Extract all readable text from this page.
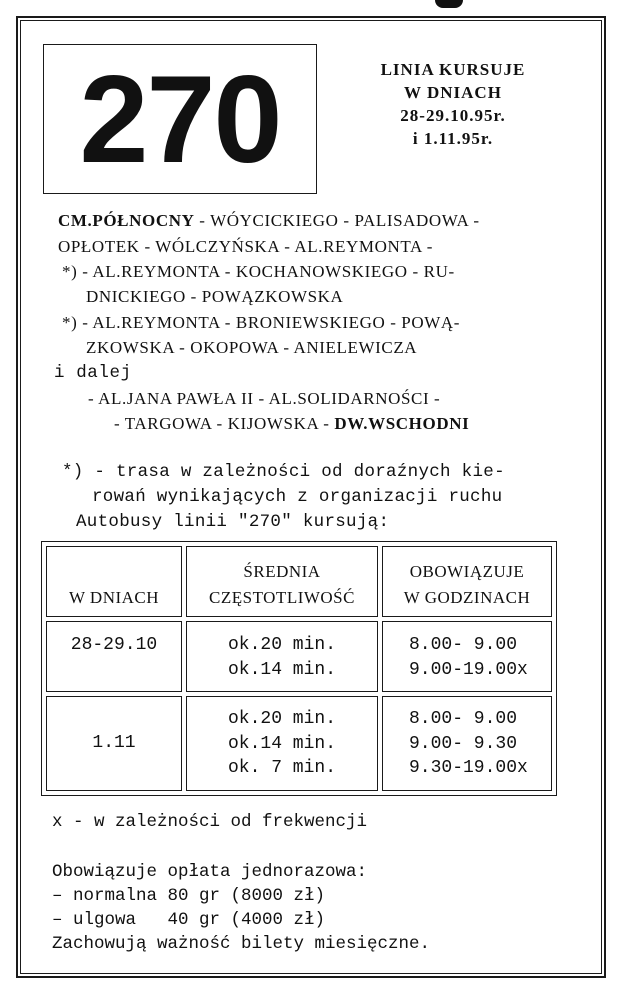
270	LINIA KURSUJE
W DNIACH
28-29.10.95r.
i 1.11.95r.
CM.PÓŁNOCNY - WÓYCICKIEGO - PALISADOWA -
OPŁOTEK - WÓLCZYŃSKA - AL.REYMONTA -
*) - AL.REYMONTA - KOCHANOWSKIEGO - RU-
DNICKIEGO - POWĄZKOWSKA
*) - AL.REYMONTA - BRONIEWSKIEGO - POWĄ-
ZKOWSKA - OKOPOWA - ANIELEWICZA
i dalej
- AL.JANA PAWŁA II - AL.SOLIDARNOŚCI -
- TARGOWA - KIJOWSKA - DW.WSCHODNI
*) - trasa w zależności od doraźnych kie-
rowań wynikających z organizacji ruchu
Autobusy linii "270" kursują:
W DNIACH
ŚREDNIA
CZĘSTOTLIWOŚĆ
OBOWIĄZUJE
W GODZINACH
28-29.10	ok.20 min.
ok.14 min.
8.00- 9.00
9.00-19.00x
1.11
ok.20 min.
ok.14 min.
ok. 7 min.
8.00- 9.00
9.00- 9.30
9.30-19.00x
x - w zależności od frekwencji
Obowiązuje opłata jednorazowa:
– normalna 80 gr (8000 zł)
– ulgowa   40 gr (4000 zł)
Zachowują ważność bilety miesięczne.
